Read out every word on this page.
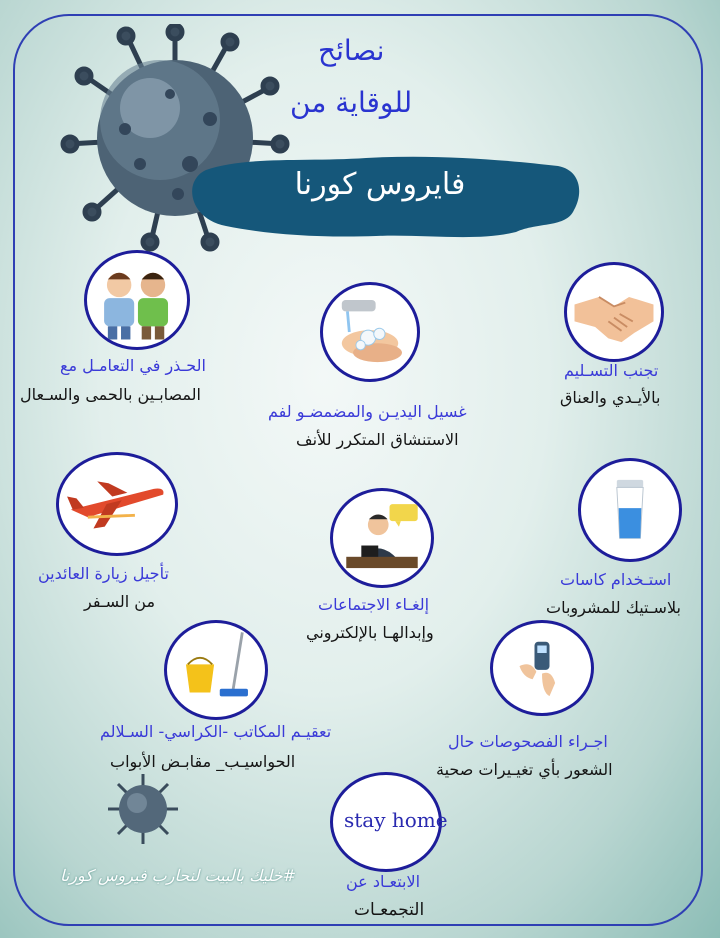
نصائح
للوقاية من
فايروس كورنا
تجنب التسـليم
بالأيـدي والعناق
غسيل اليديـن والمضمضـو لفم
الاستنشاق المتكرر للأنف
الحـذر في التعامـل مع
المصابـين بالحمى والسـعال
استـخدام كاسات
بلاسـتيك للمشروبات
إلغـاء الاجتماعات
وإبدالهـا بالإلكتروني
تأجيل زيارة العائدين
من السـفر
اجـراء الفصحوصات حال
الشعور بأي تغيـيرات صحية
تعقيـم المكاتب -الكراسي- السـلالم
الحواسيـب_ مقابـض الأبواب
stay home
الابتعـاد عن
التجمعـات
#خليك بالبيت لنحارب فيروس كورنا
